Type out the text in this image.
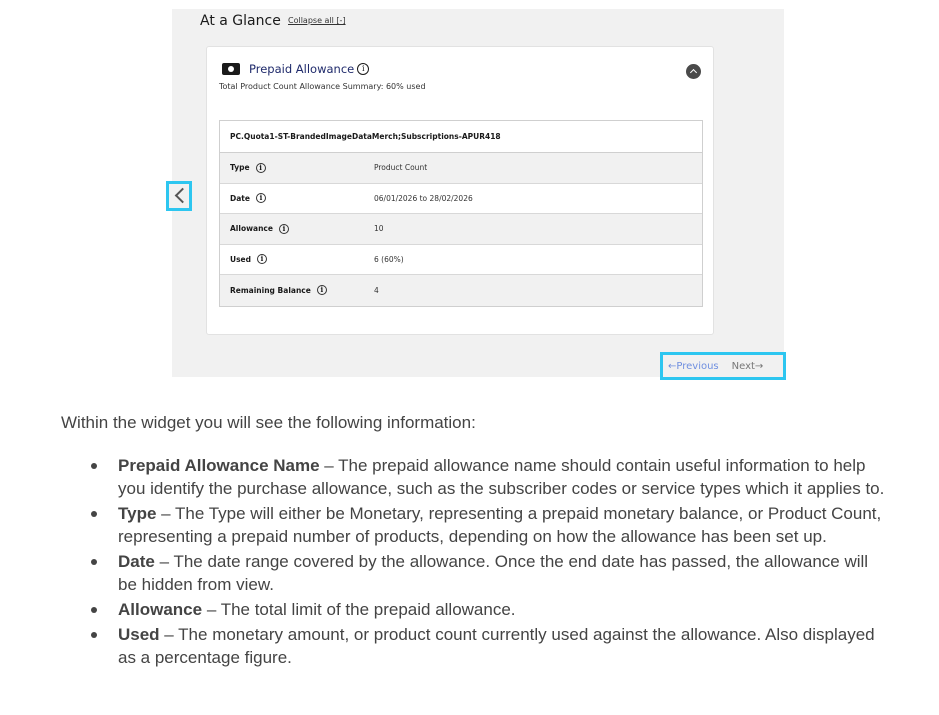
At a Glance Collapse all [-]
Prepaid Allowance i
Total Product Count Allowance Summary: 60% used
PC.Quota1-ST-BrandedImageDataMerch;Subscriptions-APUR418
Type	i	Product Count
Date	i	06/01/2026 to 28/02/2026
Allowance	i	10
Used	i	6 (60%)
Remaining Balance	i	4
←Previous Next→
Within the widget you will see the following information:
Prepaid Allowance Name – The prepaid allowance name should contain useful information to help you identify the purchase allowance, such as the subscriber codes or service types which it applies to.
Type – The Type will either be Monetary, representing a prepaid monetary balance, or Product Count, representing a prepaid number of products, depending on how the allowance has been set up.
Date – The date range covered by the allowance. Once the end date has passed, the allowance will be hidden from view.
Allowance – The total limit of the prepaid allowance.
Used – The monetary amount, or product count currently used against the allowance. Also displayed as a percentage figure.
